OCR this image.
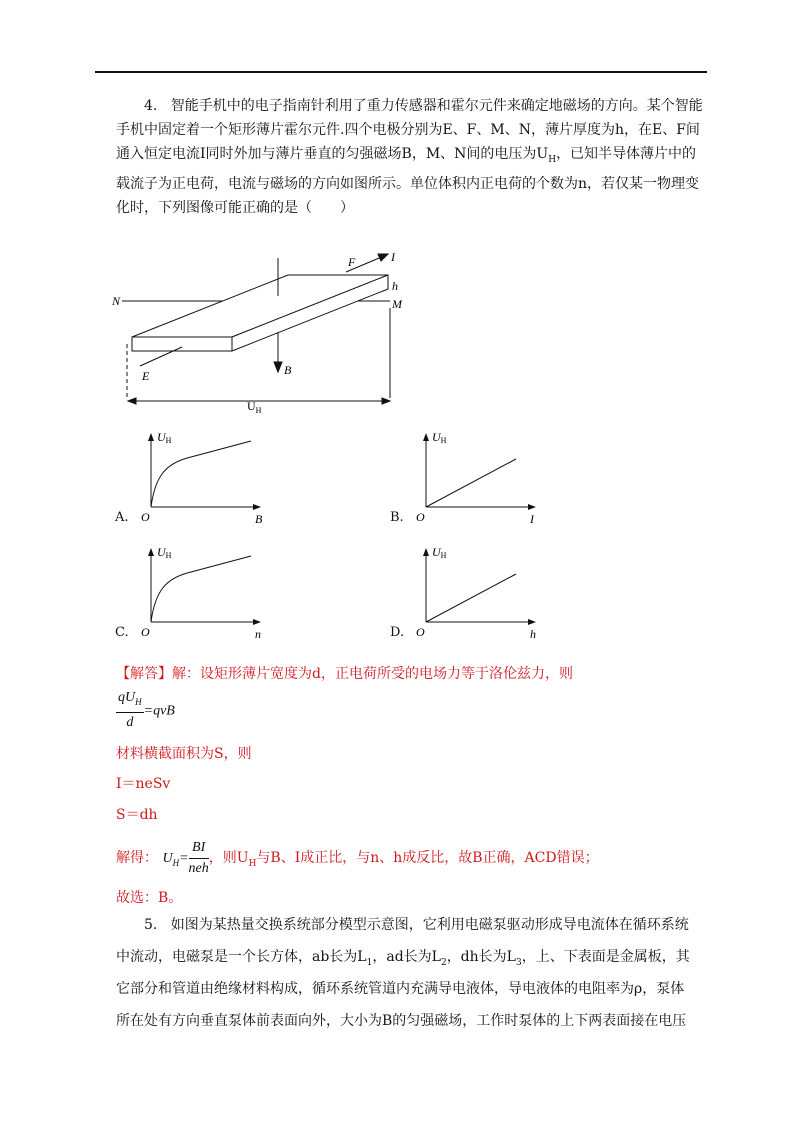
4. 智能手机中的电子指南针利用了重力传感器和霍尔元件来确定地磁场的方向。某个智能手机中固定着一个矩形薄片霍尔元件.四个电极分别为E、F、M、N，薄片厚度为h，在E、F间通入恒定电流I同时外加与薄片垂直的匀强磁场B，M、N间的电压为$U_H$，已知半导体薄片中的载流子为正电荷，电流与磁场的方向如图所示。单位体积内正电荷的个数为n，若仅某一物理变化时，下列图像可能正确的是（　　）
N	M
h
F	I
E	B
$U_H$
A.
UH
B
O	B.
UH
I
O
C.
UH
n
O	D.
UH
h
O
【解答】解：设矩形薄片宽度为d，正电荷所受的电场力等于洛伦兹力，则
$\frac{qU_H}{d} =qvB$
材料横截面积为S，则
I＝neSv
S＝dh
解得： $U_H= \frac{BI}{\text{neh}}$ ，则$U_H$与B、I成正比，与n、h成反比，故B正确，ACD错误；
故选：B。
5. 如图为某热量交换系统部分模型示意图，它利用电磁泵驱动形成导电流体在循环系统
中流动，电磁泵是一个长方体，ab长为$L_1$，ad长为$L_2$，dh长为$L_3$，上、下表面是金属板，其
它部分和管道由绝缘材料构成，循环系统管道内充满导电液体，导电液体的电阻率为ρ，泵体
所在处有方向垂直泵体前表面向外，大小为B的匀强磁场，工作时泵体的上下两表面接在电压
